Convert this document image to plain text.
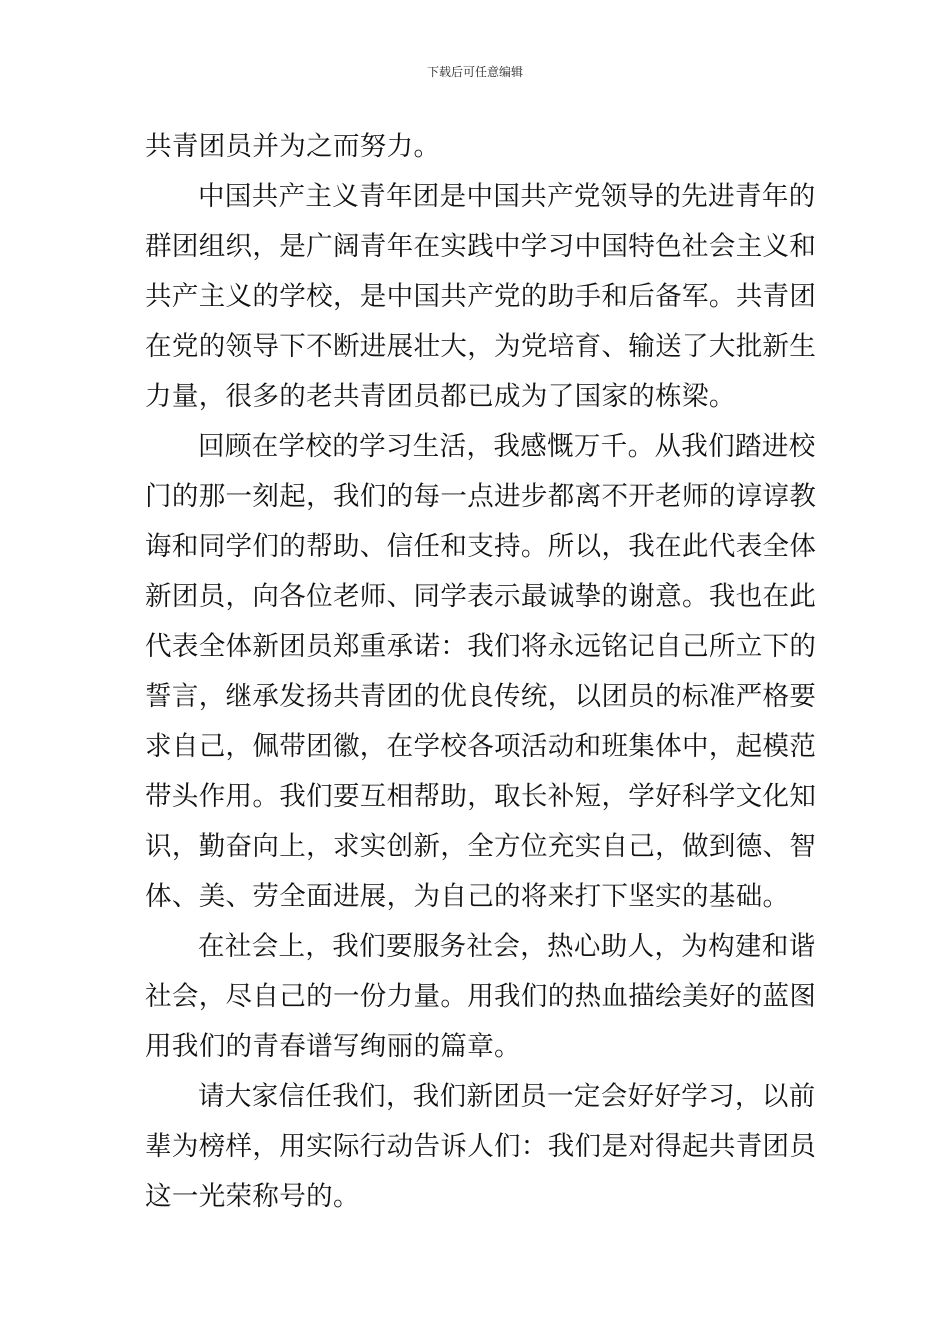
下载后可任意编辑
共青团员并为之而努力。
中国共产主义青年团是中国共产党领导的先进青年的
群团组织，是广阔青年在实践中学习中国特色社会主义和
共产主义的学校，是中国共产党的助手和后备军。共青团
在党的领导下不断进展壮大，为党培育、输送了大批新生
力量，很多的老共青团员都已成为了国家的栋梁。
回顾在学校的学习生活，我感慨万千。从我们踏进校
门的那一刻起，我们的每一点进步都离不开老师的谆谆教
诲和同学们的帮助、信任和支持。所以，我在此代表全体
新团员，向各位老师、同学表示最诚挚的谢意。我也在此
代表全体新团员郑重承诺：我们将永远铭记自己所立下的
誓言，继承发扬共青团的优良传统，以团员的标准严格要
求自己，佩带团徽，在学校各项活动和班集体中，起模范
带头作用。我们要互相帮助，取长补短，学好科学文化知
识，勤奋向上，求实创新，全方位充实自己，做到德、智
体、美、劳全面进展，为自己的将来打下坚实的基础。
在社会上，我们要服务社会，热心助人，为构建和谐
社会，尽自己的一份力量。用我们的热血描绘美好的蓝图
用我们的青春谱写绚丽的篇章。
请大家信任我们，我们新团员一定会好好学习，以前
辈为榜样，用实际行动告诉人们：我们是对得起共青团员
这一光荣称号的。
